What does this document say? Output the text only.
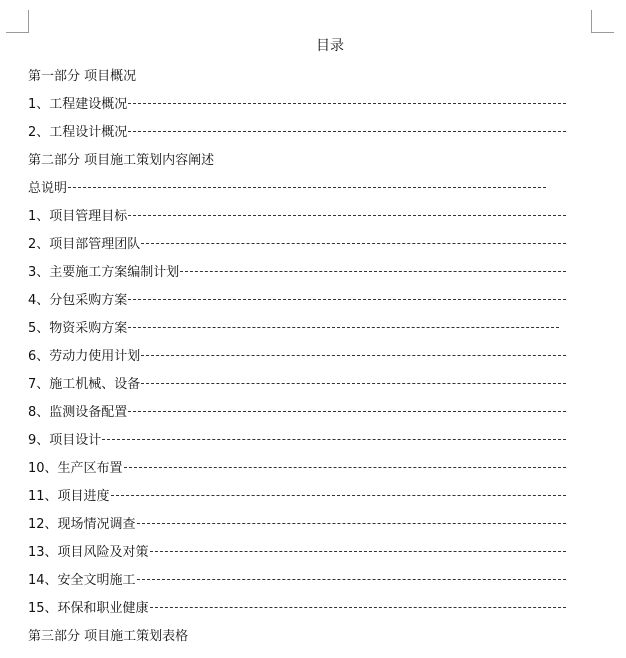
目录
第一部分 项目概况
1、工程建设概况
2、工程设计概况
第二部分 项目施工策划内容阐述
总说明
1、项目管理目标
2、项目部管理团队
3、主要施工方案编制计划
4、分包采购方案
5、物资采购方案
6、劳动力使用计划
7、施工机械、设备
8、监测设备配置
9、项目设计
10、生产区布置
11、项目进度
12、现场情况调查
13、项目风险及对策
14、安全文明施工
15、环保和职业健康
第三部分 项目施工策划表格
